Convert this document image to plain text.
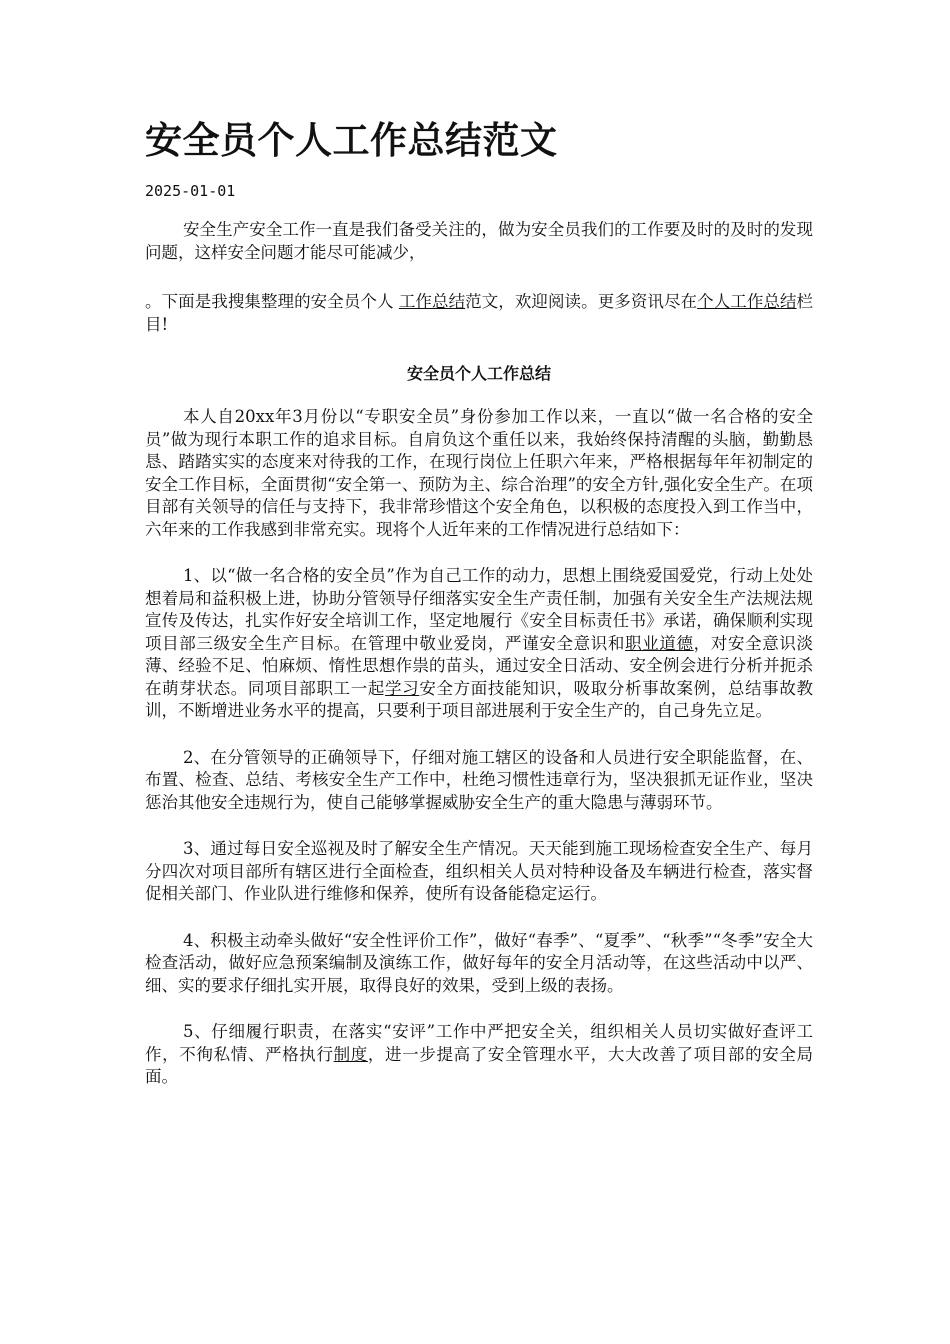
安全员个人工作总结范文
2025-01-01

安全生产安全工作一直是我们备受关注的，做为安全员我们的工作要及时的及时的发现问题，这样安全问题才能尽可能减少，

。下面是我搜集整理的安全员个人 工作总结范文，欢迎阅读。更多资讯尽在个人工作总结栏目!

安全员个人工作总结

本人自20xx年3月份以“专职安全员”身份参加工作以来，一直以“做一名合格的安全员”做为现行本职工作的追求目标。自肩负这个重任以来，我始终保持清醒的头脑，勤勤恳恳、踏踏实实的态度来对待我的工作，在现行岗位上任职六年来，严格根据每年年初制定的安全工作目标，全面贯彻“安全第一、预防为主、综合治理”的安全方针,强化安全生产。在项目部有关领导的信任与支持下，我非常珍惜这个安全角色，以积极的态度投入到工作当中，六年来的工作我感到非常充实。现将个人近年来的工作情况进行总结如下：

1、以“做一名合格的安全员”作为自己工作的动力，思想上围绕爱国爱党，行动上处处想着局和益积极上进，协助分管领导仔细落实安全生产责任制，加强有关安全生产法规法规宣传及传达，扎实作好安全培训工作，坚定地履行《安全目标责任书》承诺，确保顺利实现项目部三级安全生产目标。在管理中敬业爱岗，严谨安全意识和职业道德，对安全意识淡薄、经验不足、怕麻烦、惰性思想作祟的苗头，通过安全日活动、安全例会进行分析并扼杀在萌芽状态。同项目部职工一起学习安全方面技能知识，吸取分析事故案例，总结事故教训，不断增进业务水平的提高，只要利于项目部进展利于安全生产的，自己身先立足。

2、在分管领导的正确领导下，仔细对施工辖区的设备和人员进行安全职能监督，在、布置、检查、总结、考核安全生产工作中，杜绝习惯性违章行为，坚决狠抓无证作业，坚决惩治其他安全违规行为，使自己能够掌握威胁安全生产的重大隐患与薄弱环节。

3、通过每日安全巡视及时了解安全生产情况。天天能到施工现场检查安全生产、每月分四次对项目部所有辖区进行全面检查，组织相关人员对特种设备及车辆进行检查，落实督促相关部门、作业队进行维修和保养，使所有设备能稳定运行。

4、积极主动牵头做好“安全性评价工作”，做好“春季”、“夏季”、“秋季”“冬季”安全大检查活动，做好应急预案编制及演练工作，做好每年的安全月活动等，在这些活动中以严、细、实的要求仔细扎实开展，取得良好的效果，受到上级的表扬。

5、仔细履行职责，在落实“安评”工作中严把安全关，组织相关人员切实做好查评工作，不徇私情、严格执行制度，进一步提高了安全管理水平，大大改善了项目部的安全局面。
